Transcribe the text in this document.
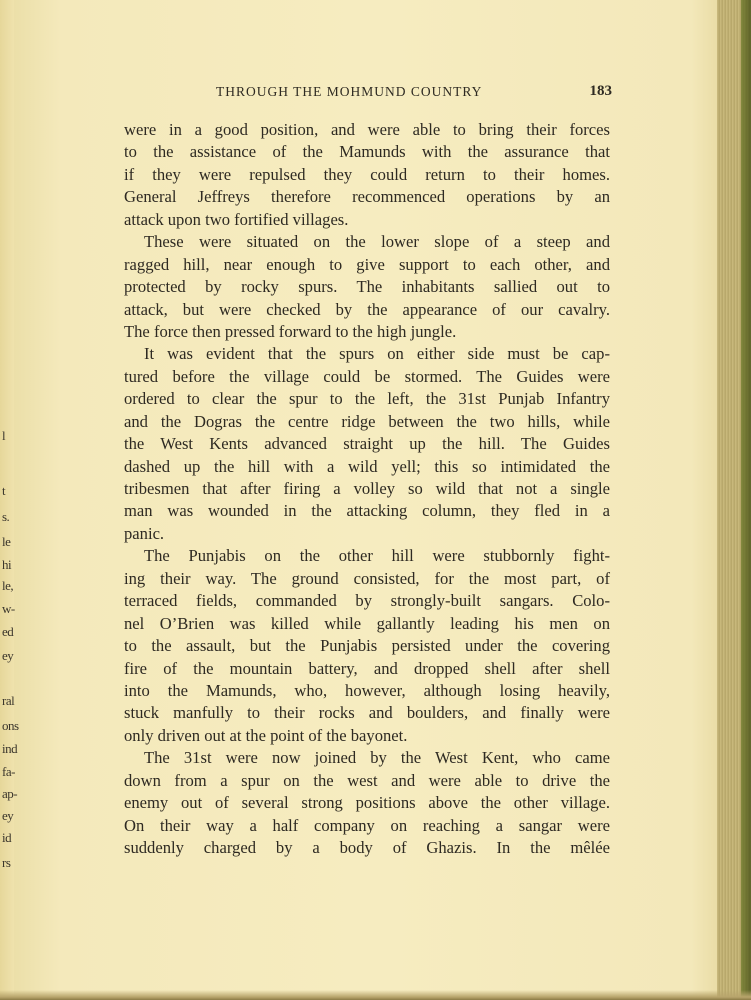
l
t
s.
le
hi
le,
w-
ed
ey
ral
ons
ind
fa-
ap-
ey
id
rs
THROUGH THE MOHMUND COUNTRY	183
were in a good position, and were able to bring their forces
to the assistance of the Mamunds with the assurance that
if they were repulsed they could return to their homes.
General Jeffreys therefore recommenced operations by an
attack upon two fortified villages.
These were situated on the lower slope of a steep and
ragged hill, near enough to give support to each other, and
protected by rocky spurs. The inhabitants sallied out to
attack, but were checked by the appearance of our cavalry.
The force then pressed forward to the high jungle.
It was evident that the spurs on either side must be cap-
tured before the village could be stormed. The Guides were
ordered to clear the spur to the left, the 31st Punjab Infantry
and the Dogras the centre ridge between the two hills, while
the West Kents advanced straight up the hill. The Guides
dashed up the hill with a wild yell; this so intimidated the
tribesmen that after firing a volley so wild that not a single
man was wounded in the attacking column, they fled in a
panic.
The Punjabis on the other hill were stubbornly fight-
ing their way. The ground consisted, for the most part, of
terraced fields, commanded by strongly-built sangars. Colo-
nel O’Brien was killed while gallantly leading his men on
to the assault, but the Punjabis persisted under the covering
fire of the mountain battery, and dropped shell after shell
into the Mamunds, who, however, although losing heavily,
stuck manfully to their rocks and boulders, and finally were
only driven out at the point of the bayonet.
The 31st were now joined by the West Kent, who came
down from a spur on the west and were able to drive the
enemy out of several strong positions above the other village.
On their way a half company on reaching a sangar were
suddenly charged by a body of Ghazis. In the mêlée
